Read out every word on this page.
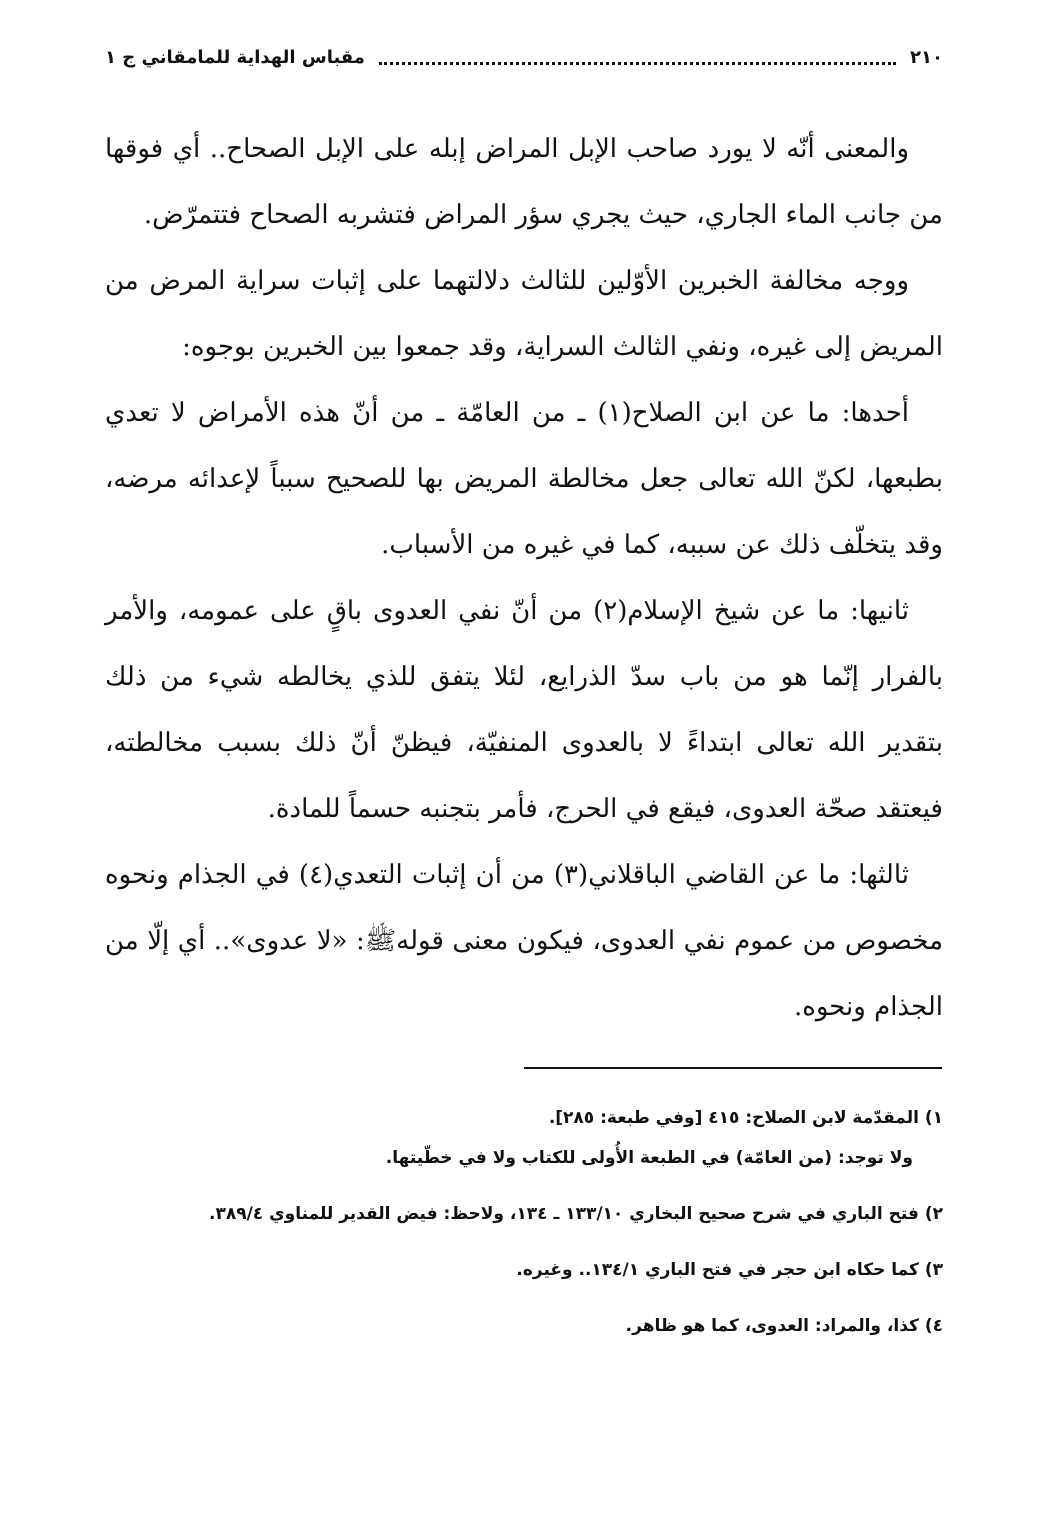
٢١٠
مقباس الهداية للمامقاني ج ١

والمعنى أنّه لا يورد صاحب الإبل المراض إبله على الإبل الصحاح.. أي فوقها من جانب الماء الجاري، حيث يجري سؤر المراض فتشربه الصحاح فتتمرّض.

ووجه مخالفة الخبرين الأوّلين للثالث دلالتهما على إثبات سراية المرض من المريض إلى غيره، ونفي الثالث السراية، وقد جمعوا بين الخبرين بوجوه:

أحدها: ما عن ابن الصلاح(١) ـ من العامّة ـ من أنّ هذه الأمراض لا تعدي بطبعها، لكنّ الله تعالى جعل مخالطة المريض بها للصحيح سبباً لإعدائه مرضه، وقد يتخلّف ذلك عن سببه، كما في غيره من الأسباب.

ثانيها: ما عن شيخ الإسلام(٢) من أنّ نفي العدوى باقٍ على عمومه، والأمر بالفرار إنّما هو من باب سدّ الذرايع، لئلا يتفق للذي يخالطه شيء من ذلك بتقدير الله تعالى ابتداءً لا بالعدوى المنفيّة، فيظنّ أنّ ذلك بسبب مخالطته، فيعتقد صحّة العدوى، فيقع في الحرج، فأمر بتجنبه حسماً للمادة.

ثالثها: ما عن القاضي الباقلاني(٣) من أن إثبات التعدي(٤) في الجذام ونحوه مخصوص من عموم نفي العدوى، فيكون معنى قولهﷺ: «لا عدوى».. أي إلّا من الجذام ونحوه.

١) المقدّمة لابن الصلاح: ٤١٥ [وفي طبعة: ٢٨٥].
ولا توجد: (من العامّة) في الطبعة الأُولى للكتاب ولا في خطّيتها.
٢) فتح الباري في شرح صحيح البخاري ١٣٣/١٠ ـ ١٣٤، ولاحظ: فيض القدير للمناوي ٣٨٩/٤.
٣) كما حكاه ابن حجر في فتح الباري ١٣٤/١.. وغيره.
٤) كذا، والمراد: العدوى، كما هو ظاهر.
